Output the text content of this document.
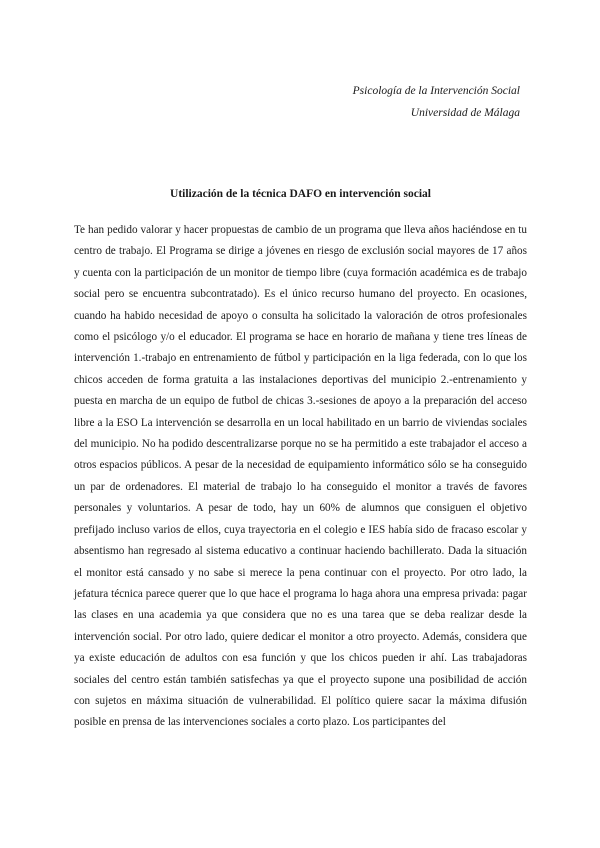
Psicología de la Intervención Social
Universidad de Málaga
Utilización de la técnica DAFO en intervención social

Te han pedido valorar y hacer propuestas de cambio de un programa que lleva años haciéndose en tu centro de trabajo. El Programa se dirige a jóvenes en riesgo de exclusión social mayores de 17 años y cuenta con la participación de un monitor de tiempo libre (cuya formación académica es de trabajo social pero se encuentra subcontratado). Es el único recurso humano del proyecto. En ocasiones, cuando ha habido necesidad de apoyo o consulta ha solicitado la valoración de otros profesionales como el psicólogo y/o el educador. El programa se hace en horario de mañana y tiene tres líneas de intervención 1.-trabajo en entrenamiento de fútbol y participación en la liga federada, con lo que los chicos acceden de forma gratuita a las instalaciones deportivas del municipio 2.-entrenamiento y puesta en marcha de un equipo de futbol de chicas 3.-sesiones de apoyo a la preparación del acceso libre a la ESO La intervención se desarrolla en un local habilitado en un barrio de viviendas sociales del municipio. No ha podido descentralizarse porque no se ha permitido a este trabajador el acceso a otros espacios públicos. A pesar de la necesidad de equipamiento informático sólo se ha conseguido un par de ordenadores. El material de trabajo lo ha conseguido el monitor a través de favores personales y voluntarios. A pesar de todo, hay un 60% de alumnos que consiguen el objetivo prefijado incluso varios de ellos, cuya trayectoria en el colegio e IES había sido de fracaso escolar y absentismo han regresado al sistema educativo a continuar haciendo bachillerato. Dada la situación el monitor está cansado y no sabe si merece la pena continuar con el proyecto. Por otro lado, la jefatura técnica parece querer que lo que hace el programa lo haga ahora una empresa privada: pagar las clases en una academia ya que considera que no es una tarea que se deba realizar desde la intervención social. Por otro lado, quiere dedicar el monitor a otro proyecto. Además, considera que ya existe educación de adultos con esa función y que los chicos pueden ir ahí. Las trabajadoras sociales del centro están también satisfechas ya que el proyecto supone una posibilidad de acción con sujetos en máxima situación de vulnerabilidad. El político quiere sacar la máxima difusión posible en prensa de las intervenciones sociales a corto plazo. Los participantes del
